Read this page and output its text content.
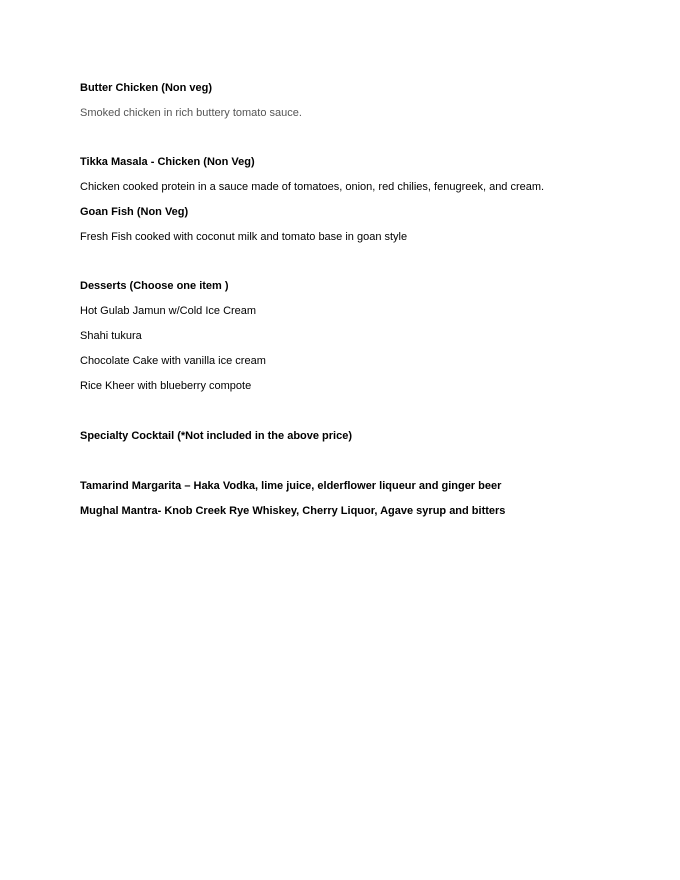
Butter Chicken (Non veg)
Smoked chicken in rich buttery tomato sauce.
Tikka Masala - Chicken (Non Veg)
Chicken cooked protein in a sauce made of tomatoes, onion, red chilies, fenugreek, and cream.
Goan Fish (Non Veg)
Fresh Fish cooked with coconut milk and tomato base in goan style
Desserts (Choose one item )
Hot Gulab Jamun w/Cold Ice Cream
Shahi tukura
Chocolate Cake with vanilla ice cream
Rice Kheer with blueberry compote
Specialty Cocktail (*Not included in the above price)
Tamarind Margarita – Haka Vodka, lime juice, elderflower liqueur and ginger beer
Mughal Mantra- Knob Creek Rye Whiskey, Cherry Liquor, Agave syrup and bitters
